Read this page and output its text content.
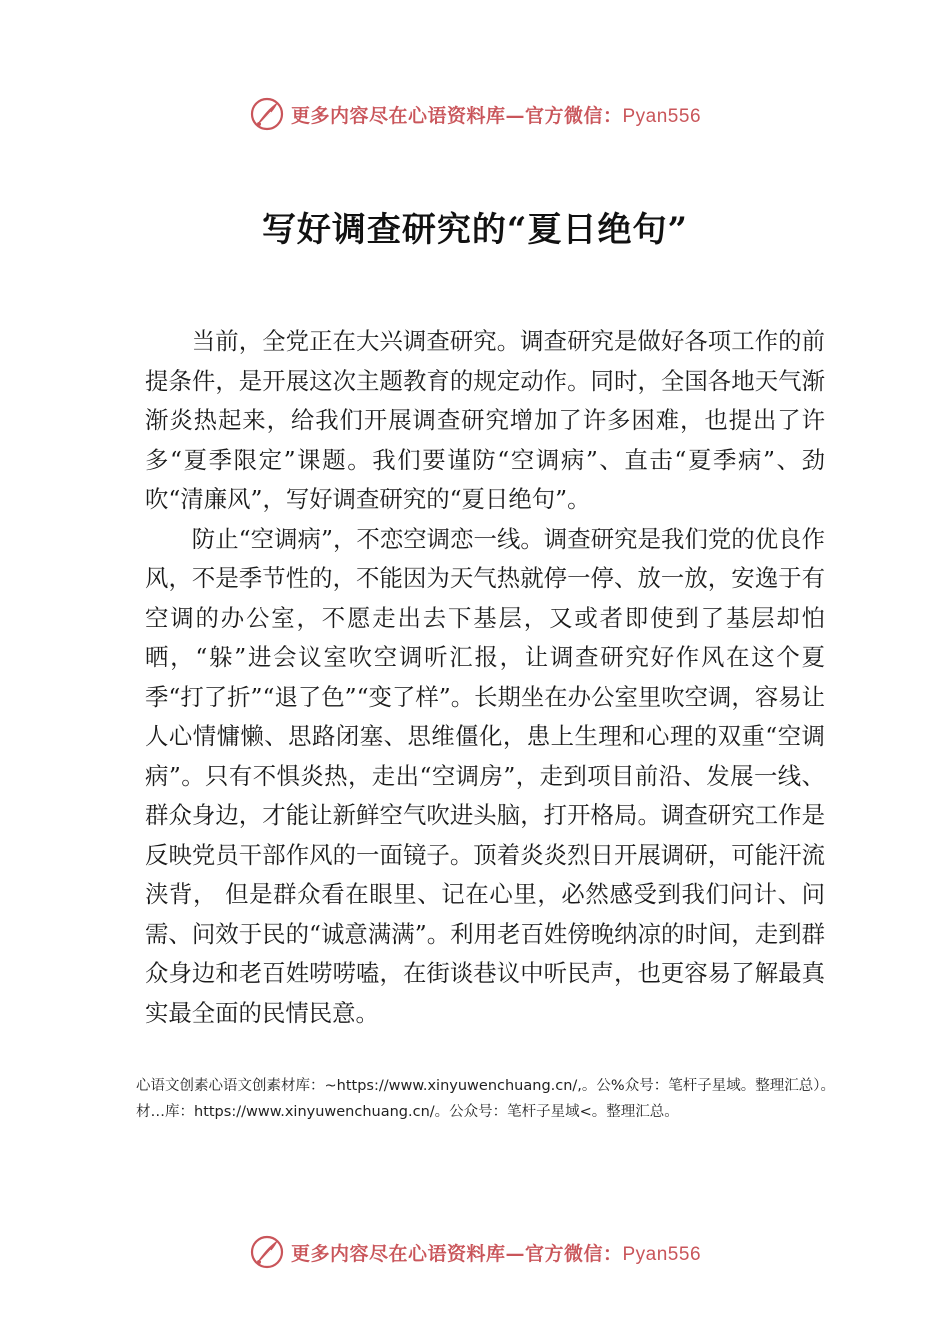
更多内容尽在心语资料库—官方微信：Pyan556
写好调查研究的“夏日绝句”

当前，全党正在大兴调查研究。调查研究是做好各项工作的前提条件，是开展这次主题教育的规定动作。同时，全国各地天气渐渐炎热起来，给我们开展调查研究增加了许多困难，也提出了许多“夏季限定”课题。我们要谨防“空调病”、直击“夏季病”、劲吹“清廉风”，写好调查研究的“夏日绝句”。

防止“空调病”，不恋空调恋一线。调查研究是我们党的优良作风，不是季节性的，不能因为天气热就停一停、放一放，安逸于有空调的办公室，不愿走出去下基层，又或者即使到了基层却怕晒，“躲”进会议室吹空调听汇报，让调查研究好作风在这个夏季“打了折”“退了色”“变了样”。长期坐在办公室里吹空调，容易让人心情慵懒、思路闭塞、思维僵化，患上生理和心理的双重“空调病”。只有不惧炎热，走出“空调房”，走到项目前沿、发展一线、群众身边，才能让新鲜空气吹进头脑，打开格局。调查研究工作是反映党员干部作风的一面镜子。顶着炎炎烈日开展调研，可能汗流浃背， 但是群众看在眼里、记在心里，必然感受到我们问计、问需、问效于民的“诚意满满”。利用老百姓傍晚纳凉的时间，走到群众身边和老百姓唠唠嗑，在街谈巷议中听民声，也更容易了解最真实最全面的民情民意。

心语文创素心语文创素材库：~https://www.xinyuwenchuang.cn/,。公%众号：笔杆子星域。整理汇总）。材…库：https://www.xinyuwenchuang.cn/。公众号：笔杆子星域<。整理汇总。
更多内容尽在心语资料库—官方微信：Pyan556
